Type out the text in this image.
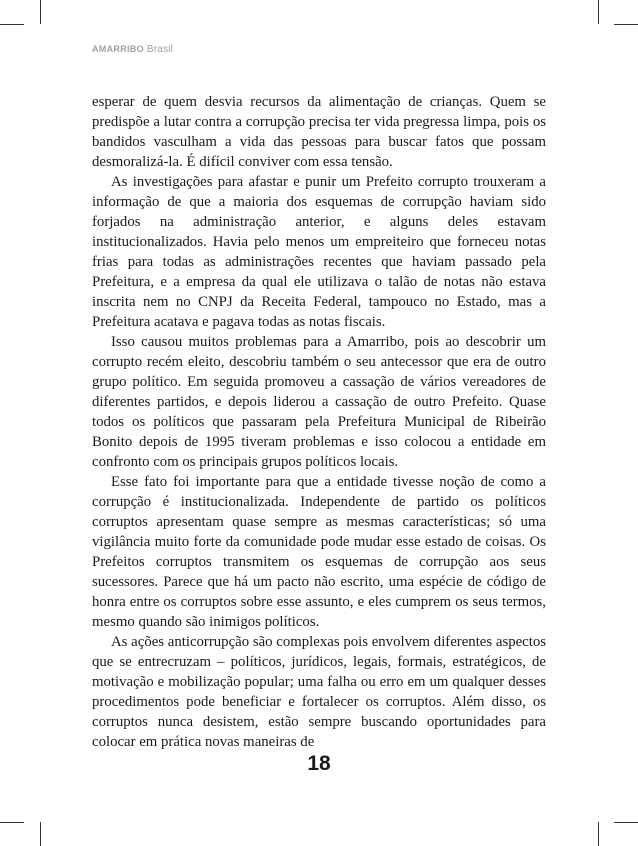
AMARRIBO Brasil

esperar de quem desvia recursos da alimentação de crianças. Quem se predispõe a lutar contra a corrupção precisa ter vida pregressa limpa, pois os bandidos vasculham a vida das pessoas para buscar fatos que possam desmoralizá-la. É difícil conviver com essa tensão.

As investigações para afastar e punir um Prefeito corrupto trouxeram a informação de que a maioria dos esquemas de corrupção haviam sido forjados na administração anterior, e alguns deles estavam institucionalizados. Havia pelo menos um empreiteiro que forneceu notas frias para todas as administrações recentes que haviam passado pela Prefeitura, e a empresa da qual ele utilizava o talão de notas não estava inscrita nem no CNPJ da Receita Federal, tampouco no Estado, mas a Prefeitura acatava e pagava todas as notas fiscais.

Isso causou muitos problemas para a Amarribo, pois ao descobrir um corrupto recém eleito, descobriu também o seu antecessor que era de outro grupo político. Em seguida promoveu a cassação de vários vereadores de diferentes partidos, e depois liderou a cassação de outro Prefeito. Quase todos os políticos que passaram pela Prefeitura Municipal de Ribeirão Bonito depois de 1995 tiveram problemas e isso colocou a entidade em confronto com os principais grupos políticos locais.

Esse fato foi importante para que a entidade tivesse noção de como a corrupção é institucionalizada. Independente de partido os políticos corruptos apresentam quase sempre as mesmas características; só uma vigilância muito forte da comunidade pode mudar esse estado de coisas. Os Prefeitos corruptos transmitem os esquemas de corrupção aos seus sucessores. Parece que há um pacto não escrito, uma espécie de código de honra entre os corruptos sobre esse assunto, e eles cumprem os seus termos, mesmo quando são inimigos políticos.

As ações anticorrupção são complexas pois envolvem diferentes aspectos que se entrecruzam – políticos, jurídicos, legais, formais, estratégicos, de motivação e mobilização popular; uma falha ou erro em um qualquer desses procedimentos pode beneficiar e fortalecer os corruptos. Além disso, os corruptos nunca desistem, estão sempre buscando oportunidades para colocar em prática novas maneiras de

18
